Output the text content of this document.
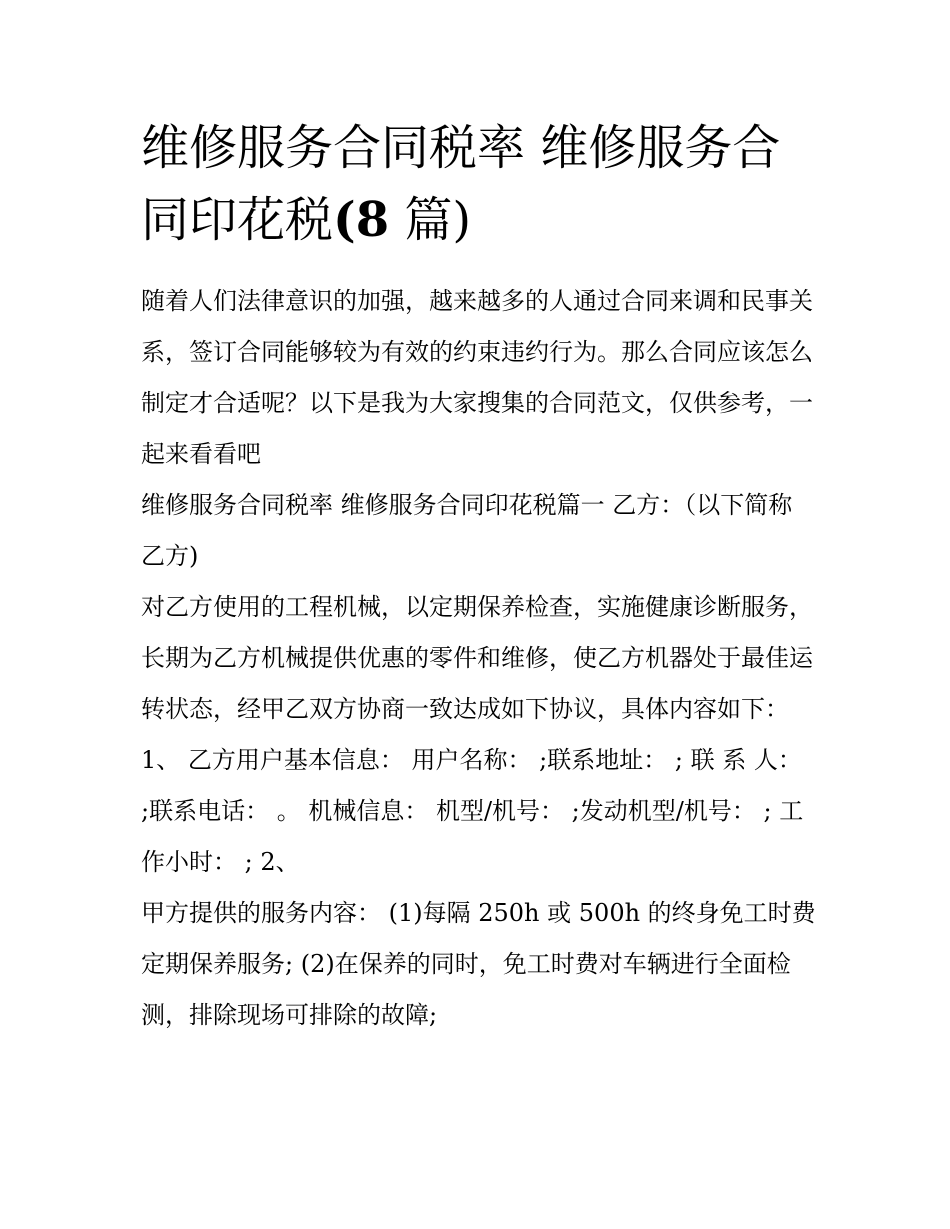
维修服务合同税率 维修服务合同印花税(8 篇)

随着人们法律意识的加强，越来越多的人通过合同来调和民事关系，签订合同能够较为有效的约束违约行为。那么合同应该怎么制定才合适呢？以下是我为大家搜集的合同范文，仅供参考，一起来看看吧

维修服务合同税率 维修服务合同印花税篇一 乙方：（以下简称乙方)

对乙方使用的工程机械，以定期保养检查，实施健康诊断服务，长期为乙方机械提供优惠的零件和维修，使乙方机器处于最佳运转状态，经甲乙双方协商一致达成如下协议，具体内容如下：

1、 乙方用户基本信息： 用户名称： ;联系地址： ; 联 系 人： ;联系电话： 。 机械信息： 机型/机号： ;发动机型/机号： ; 工作小时： ; 2、

甲方提供的服务内容： (1)每隔 250h 或 500h 的终身免工时费定期保养服务; (2)在保养的同时，免工时费对车辆进行全面检测，排除现场可排除的故障;
